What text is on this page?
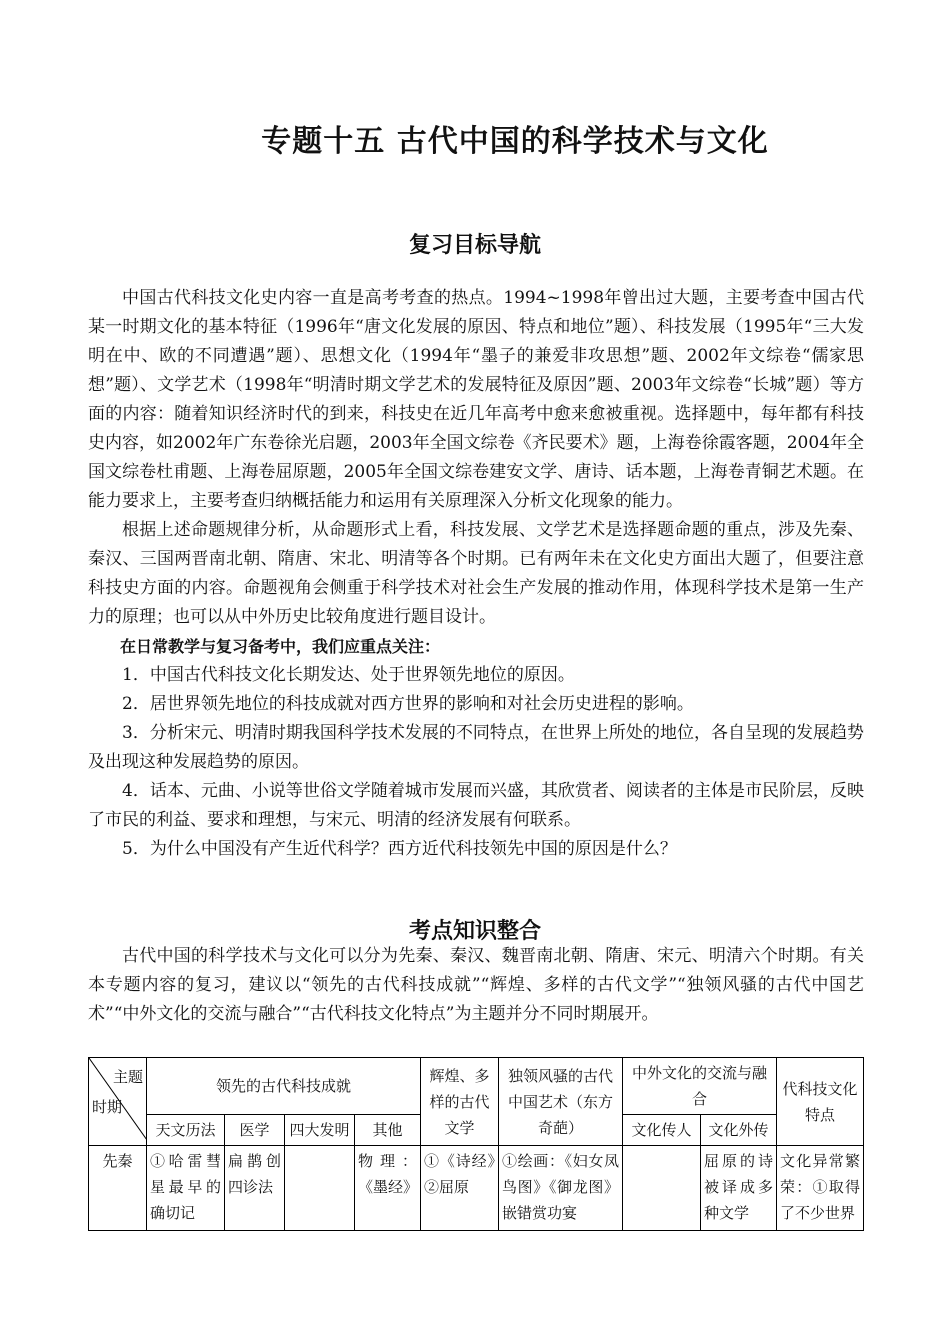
专题十五 古代中国的科学技术与文化
复习目标导航

中国古代科技文化史内容一直是高考考查的热点。1994~1998年曾出过大题，主要考查中国古代某一时期文化的基本特征（1996年“唐文化发展的原因、特点和地位”题）、科技发展（1995年“三大发明在中、欧的不同遭遇”题）、思想文化（1994年“墨子的兼爱非攻思想”题、2002年文综卷“儒家思想”题）、文学艺术（1998年“明清时期文学艺术的发展特征及原因”题、2003年文综卷“长城”题）等方面的内容：随着知识经济时代的到来，科技史在近几年高考中愈来愈被重视。选择题中，每年都有科技史内容，如2002年广东卷徐光启题，2003年全国文综卷《齐民要术》题，上海卷徐霞客题，2004年全国文综卷杜甫题、上海卷屈原题，2005年全国文综卷建安文学、唐诗、话本题，上海卷青铜艺术题。在能力要求上，主要考查归纳概括能力和运用有关原理深入分析文化现象的能力。

根据上述命题规律分析，从命题形式上看，科技发展、文学艺术是选择题命题的重点，涉及先秦、秦汉、三国两晋南北朝、隋唐、宋北、明清等各个时期。已有两年未在文化史方面出大题了，但要注意科技史方面的内容。命题视角会侧重于科学技术对社会生产发展的推动作用，体现科学技术是第一生产力的原理；也可以从中外历史比较角度进行题目设计。

在日常教学与复习备考中，我们应重点关注：

1．中国古代科技文化长期发达、处于世界领先地位的原因。

2．居世界领先地位的科技成就对西方世界的影响和对社会历史进程的影响。

3．分析宋元、明清时期我国科学技术发展的不同特点，在世界上所处的地位，各自呈现的发展趋势及出现这种发展趋势的原因。

4．话本、元曲、小说等世俗文学随着城市发展而兴盛，其欣赏者、阅读者的主体是市民阶层，反映了市民的利益、要求和理想，与宋元、明清的经济发展有何联系。

5．为什么中国没有产生近代科学？西方近代科技领先中国的原因是什么？

考点知识整合

古代中国的科学技术与文化可以分为先秦、秦汉、魏晋南北朝、隋唐、宋元、明清六个时期。有关本专题内容的复习，建议以“领先的古代科技成就”“辉煌、多样的古代文学”“独领风骚的古代中国艺术”“中外文化的交流与融合”“古代科技文化特点”为主题并分不同时期展开。

主题
时期	领先的古代科技成就				辉煌、多样的古代文学	独领风骚的古代中国艺术（东方奇葩）	中外文化的交流与融合		代科技文化特点
	天文历法	医学	四大发明	其他			文化传人	文化外传	
先秦	①哈雷彗星最早的确切记	扁鹊创四诊法		物理：《墨经》	①《诗经》②屈原	①绘画：《妇女凤鸟图》《御龙图》嵌错赏功宴		屈原的诗被译成多种文学	文化异常繁荣：①取得了不少世界
